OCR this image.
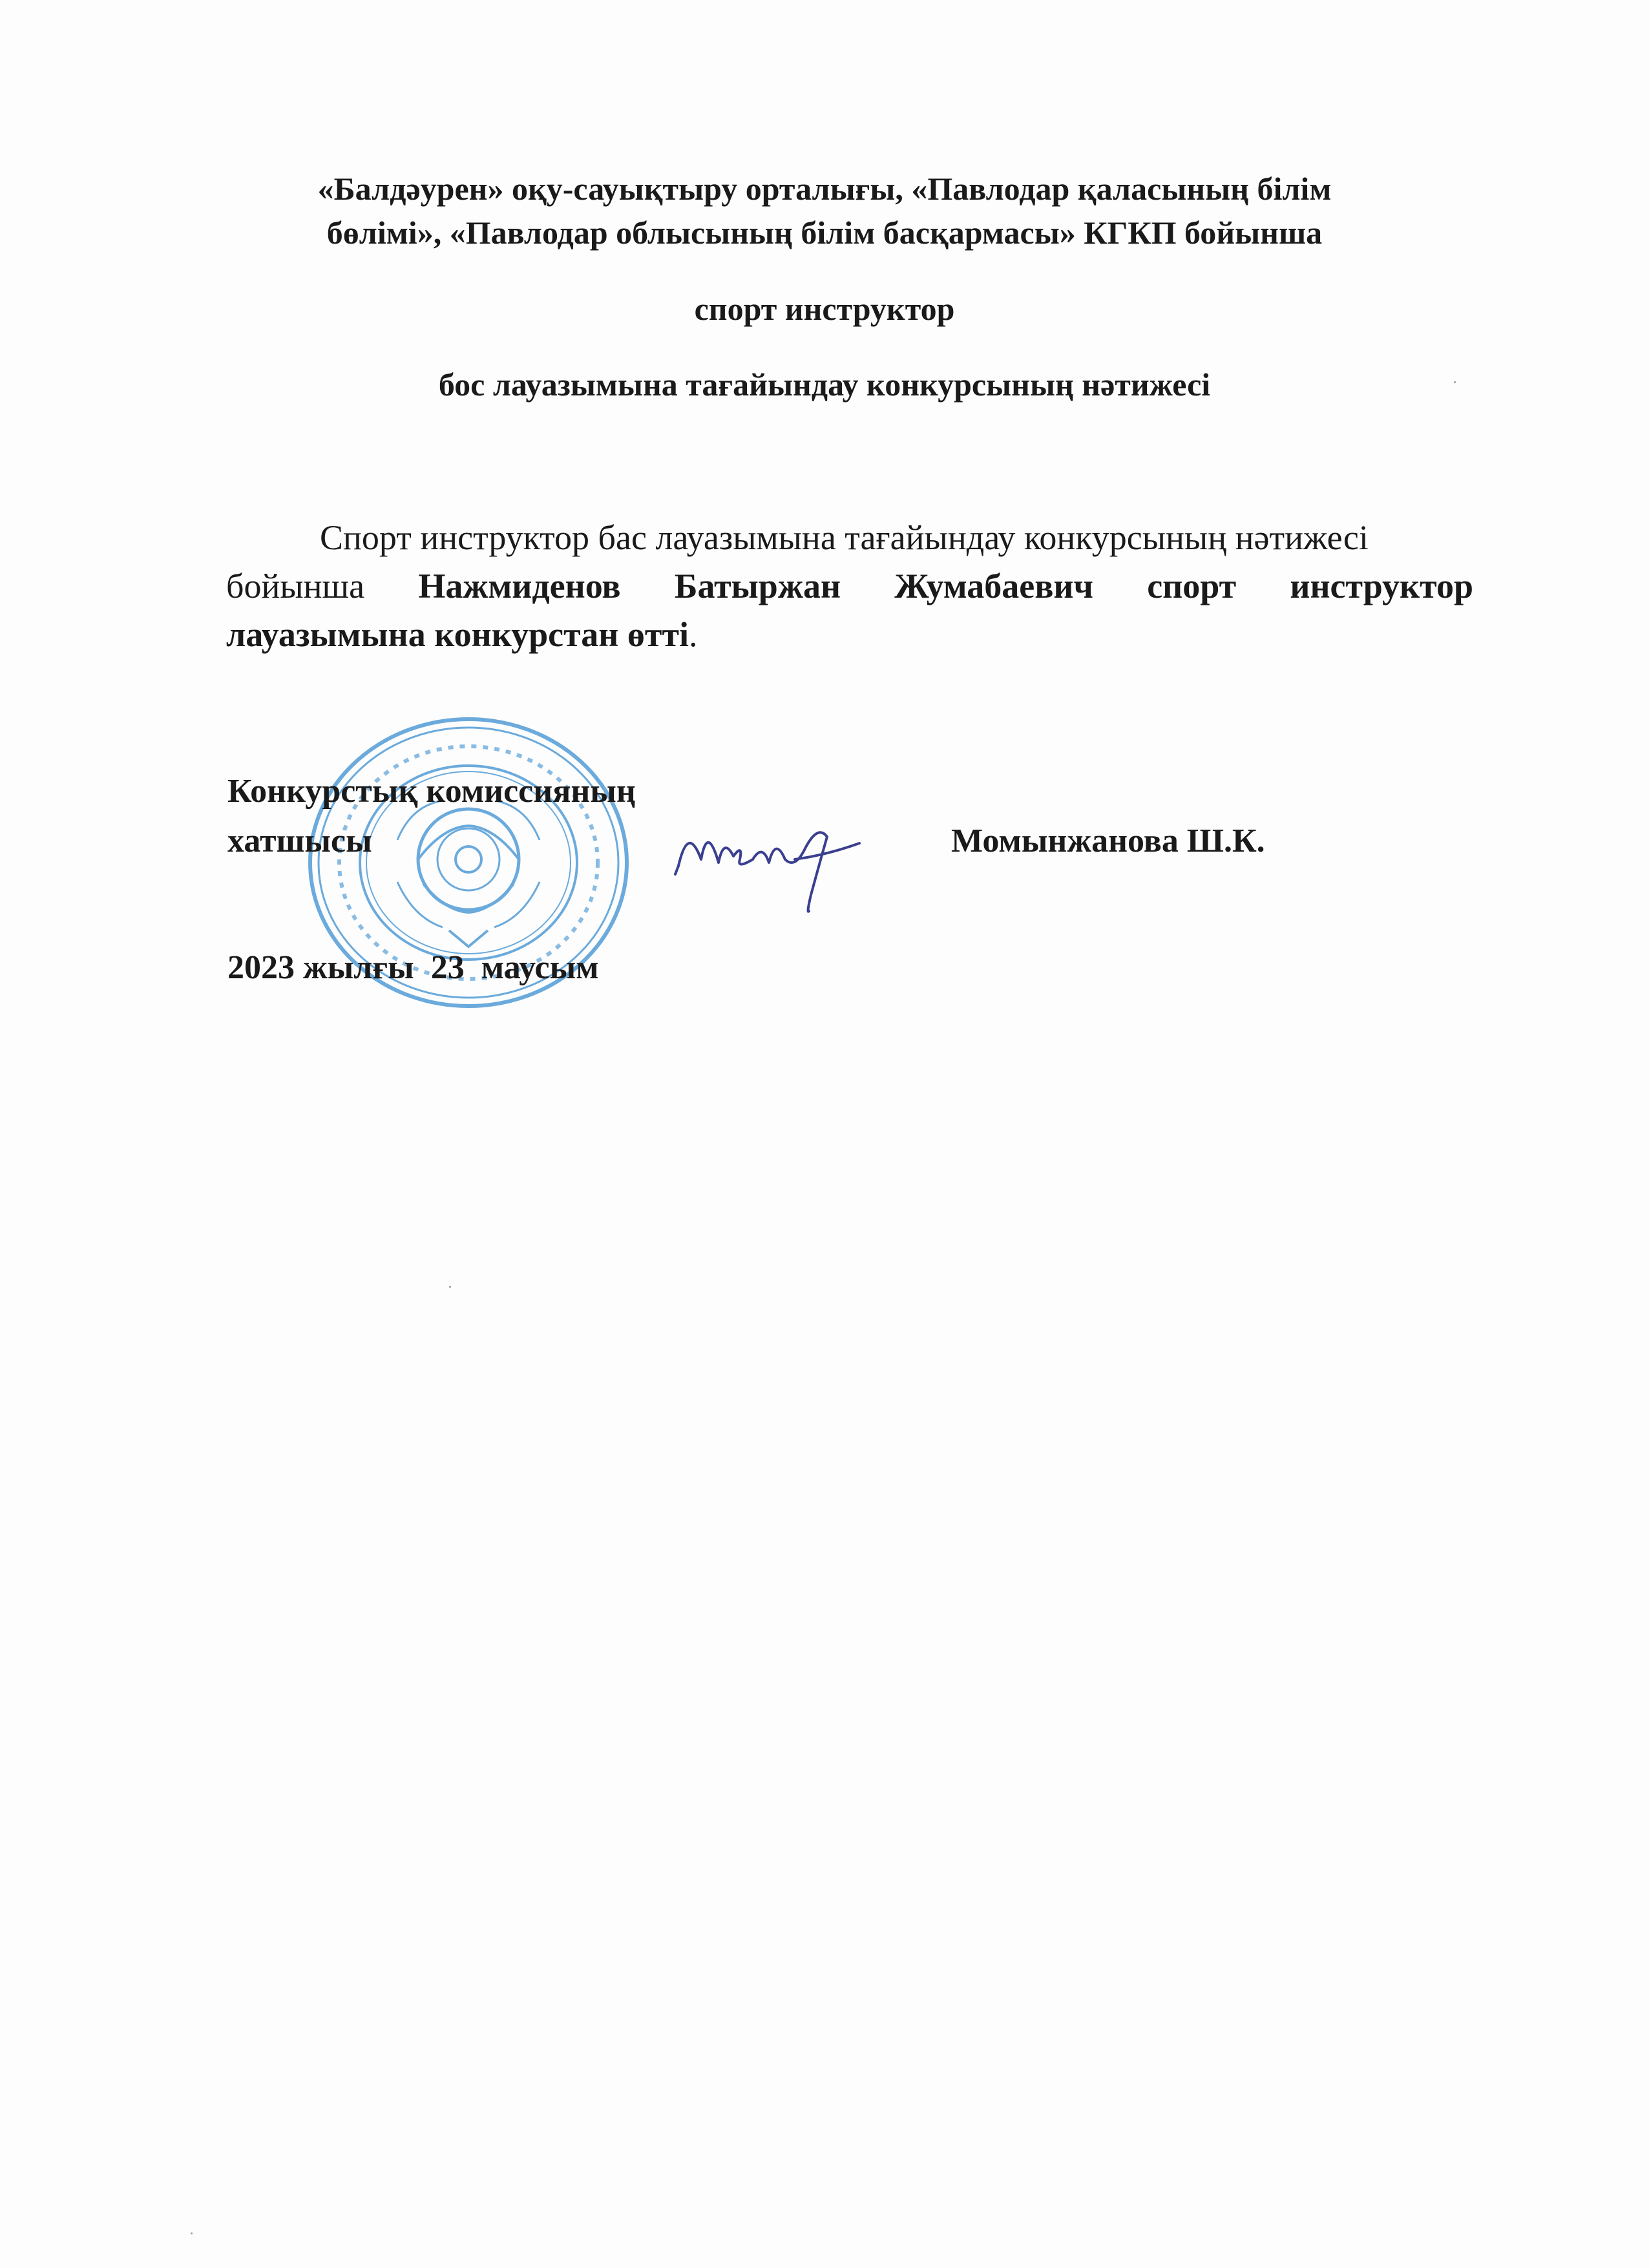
«Балдәурен» оқу-сауықтыру орталығы, «Павлодар қаласының білім
бөлімі», «Павлодар облысының білім басқармасы» КГКП бойынша
спорт инструктор
бос лауазымына тағайындау конкурсының нәтижесі
Спорт инструктор бас лауазымына тағайындау конкурсының нәтижесі
бойынша Нажмиденов Батыржан Жумабаевич спорт инструктор
лауазымына конкурстан өтті.
Конкурстық комиссияның
хатшысы	Момынжанова Ш.К.
2023 жылғы  23  маусым
